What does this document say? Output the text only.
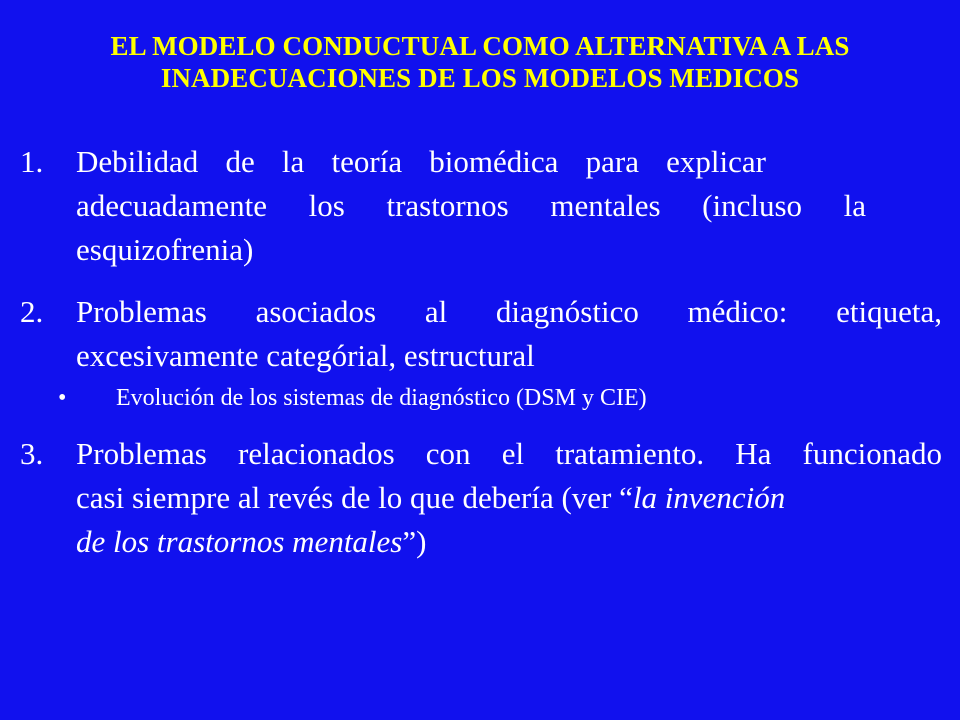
EL MODELO CONDUCTUAL COMO ALTERNATIVA A LAS
INADECUACIONES DE LOS MODELOS MEDICOS
1. Debilidad de la teoría biomédica para explicar
adecuadamente los trastornos mentales (incluso la
esquizofrenia)
2. Problemas asociados al diagnóstico médico: etiqueta,
excesivamente categórial, estructural
• Evolución de los sistemas de diagnóstico (DSM y CIE)
3. Problemas relacionados con el tratamiento. Ha funcionado
casi siempre al revés de lo que debería (ver “la invención
de los trastornos mentales”)
